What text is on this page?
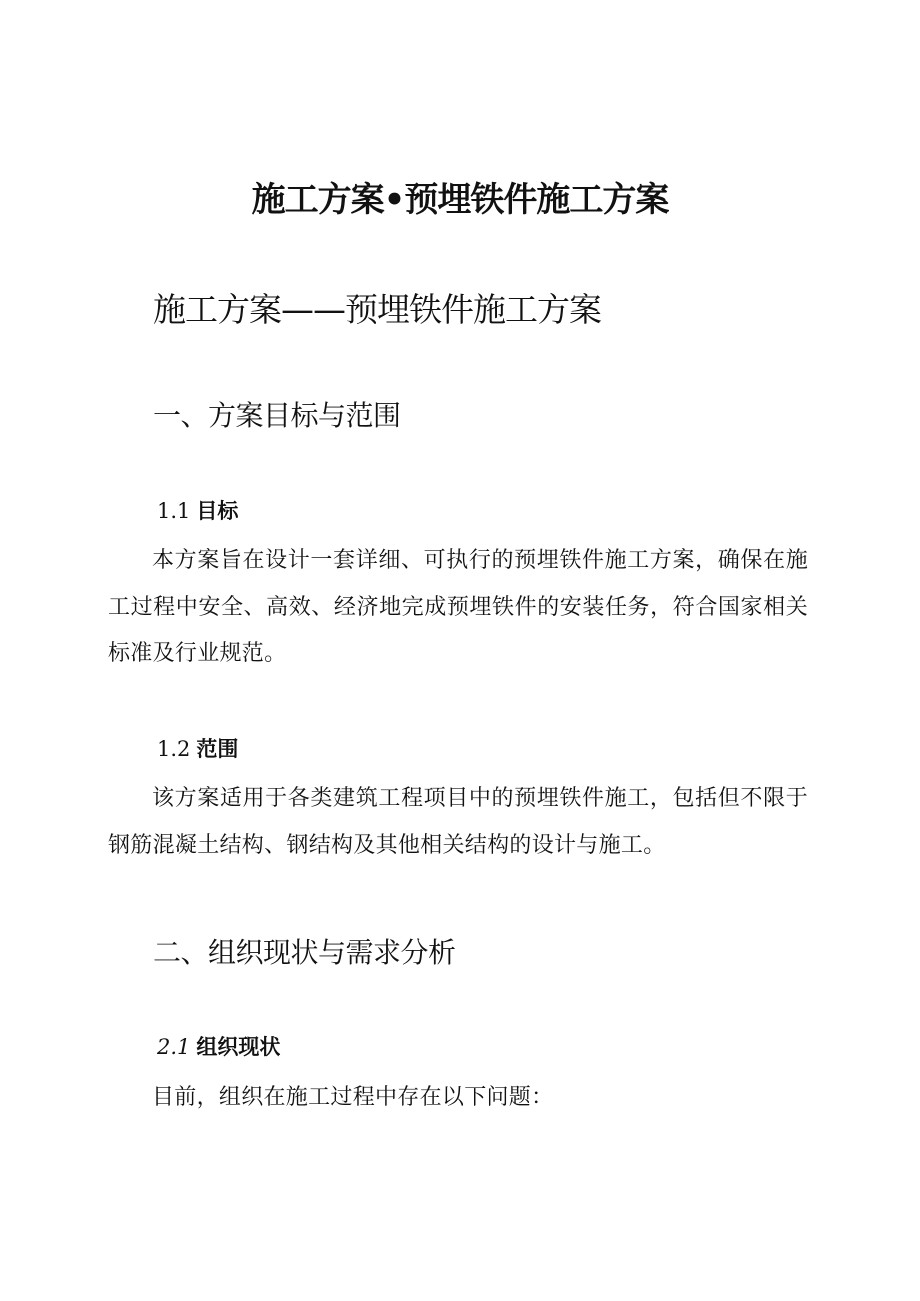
施工方案•预埋铁件施工方案
施工方案——预埋铁件施工方案
一、方案目标与范围
1.1 目标

本方案旨在设计一套详细、可执行的预埋铁件施工方案，确保在施工过程中安全、高效、经济地完成预埋铁件的安装任务，符合国家相关标准及行业规范。

1.2 范围

该方案适用于各类建筑工程项目中的预埋铁件施工，包括但不限于钢筋混凝土结构、钢结构及其他相关结构的设计与施工。

二、组织现状与需求分析
2.1 组织现状

目前，组织在施工过程中存在以下问题：
